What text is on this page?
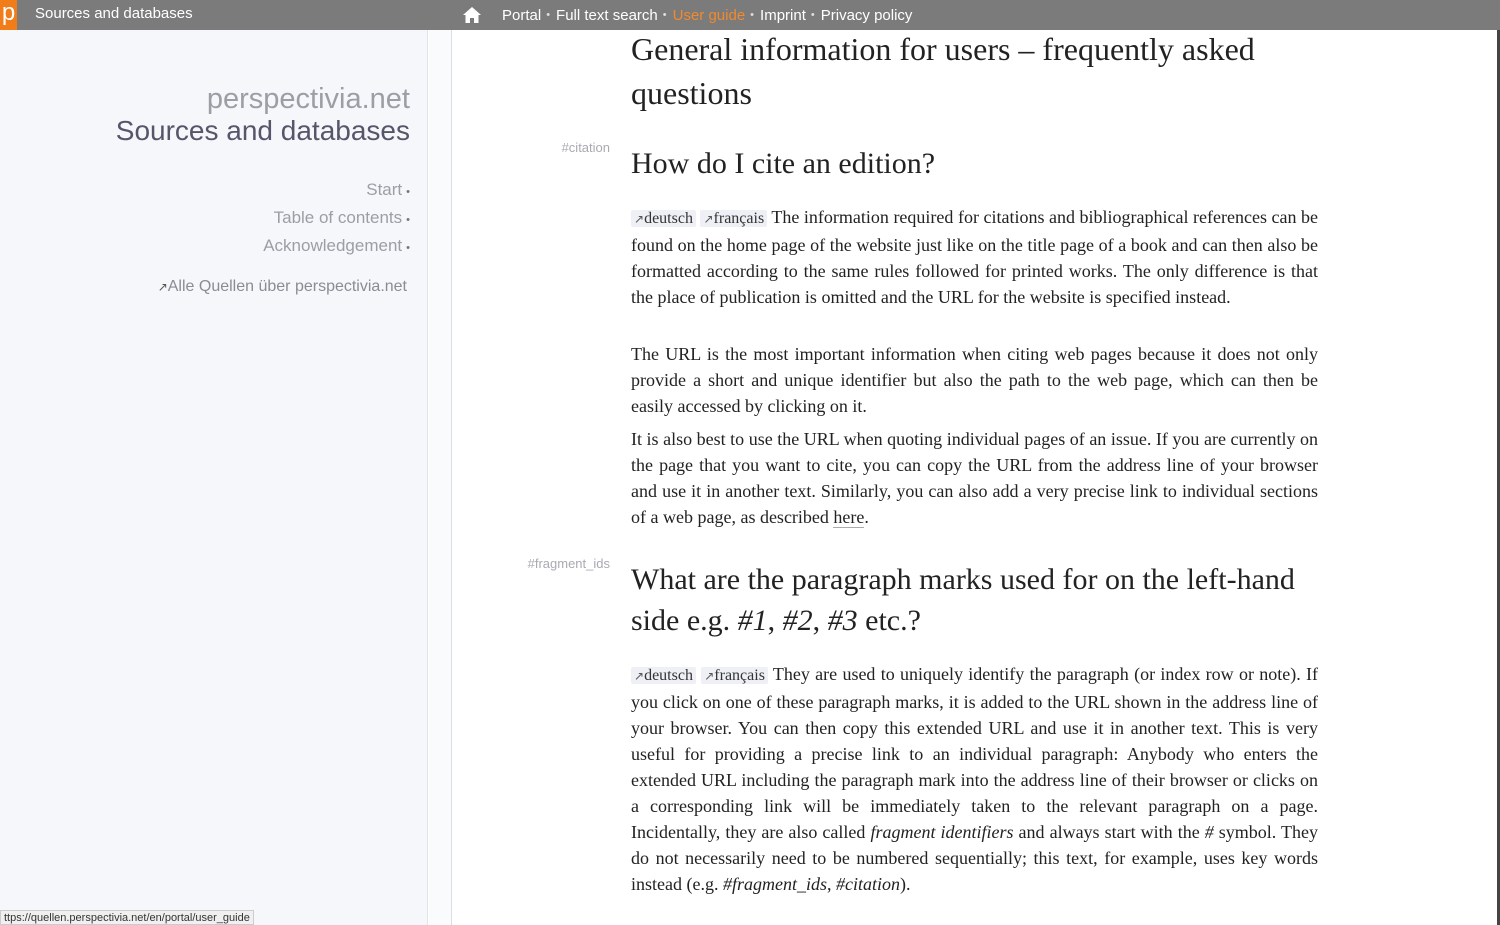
p Sources and databases	Portal • Full text search • User guide • Imprint • Privacy policy
perspectivia.net
Sources and databases
Start •
Table of contents •
Acknowledgement •
↗Alle Quellen über perspectivia.net
General information for users – frequently asked questions
#citation How do I cite an edition?

↗deutsch ↗français The information required for citations and bibliographical references can be found on the home page of the website just like on the title page of a book and can then also be formatted according to the same rules followed for printed works. The only difference is that the place of publication is omitted and the URL for the website is specified instead.

The URL is the most important information when citing web pages because it does not only provide a short and unique identifier but also the path to the web page, which can then be easily accessed by clicking on it.

It is also best to use the URL when quoting individual pages of an issue. If you are currently on the page that you want to cite, you can copy the URL from the address line of your browser and use it in another text. Similarly, you can also add a very precise link to individual sections of a web page, as described here.

#fragment_ids What are the paragraph marks used for on the left-hand side e.g. #1, #2, #3 etc.?

↗deutsch ↗français They are used to uniquely identify the paragraph (or index row or note). If you click on one of these paragraph marks, it is added to the URL shown in the address line of your browser. You can then copy this extended URL and use it in another text. This is very useful for providing a precise link to an individual paragraph: Anybody who enters the extended URL including the paragraph mark into the address line of their browser or clicks on a corresponding link will be immediately taken to the relevant paragraph on a page. Incidentally, they are also called fragment identifiers and always start with the # symbol. They do not necessarily need to be numbered sequentially; this text, for example, uses key words instead (e.g. #fragment_ids, #citation).

ttps://quellen.perspectivia.net/en/portal/user_guide
